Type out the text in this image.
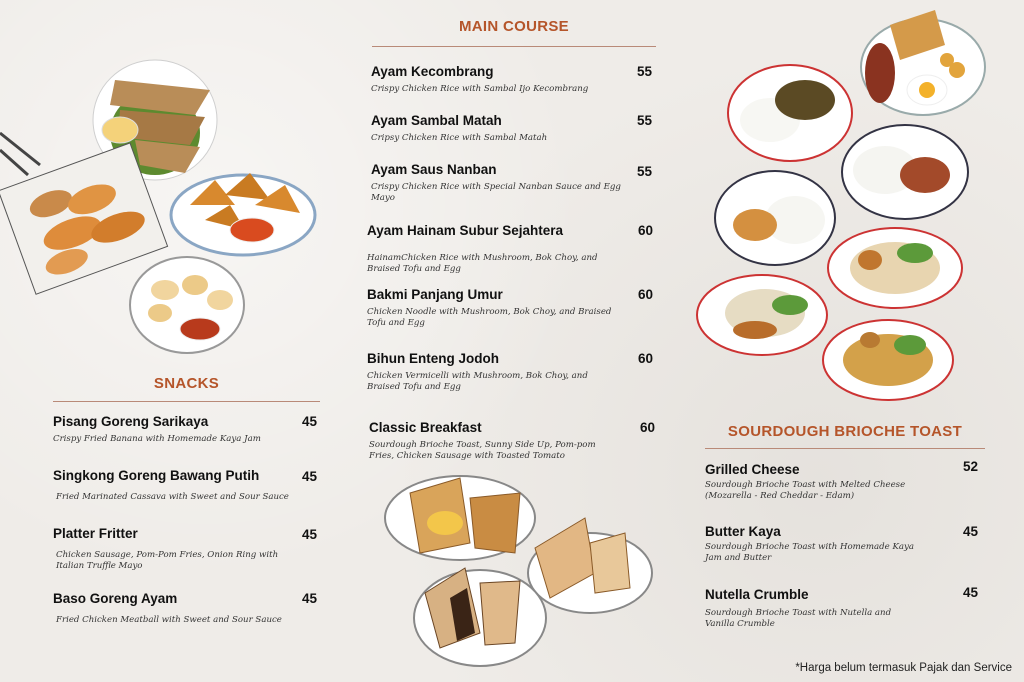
MAIN COURSE
Ayam Kecombrang
Crispy Chicken Rice with Sambal Ijo Kecombrang
55
Ayam Sambal Matah
Cripsy Chicken Rice with Sambal Matah
55
Ayam Saus Nanban
Crispy Chicken Rice with Special Nanban Sauce and Egg Mayo
55
Ayam Hainam Subur Sejahtera
HainamChicken Rice with Mushroom, Bok Choy, and Braised Tofu and Egg
60
Bakmi Panjang Umur
Chicken Noodle with Mushroom, Bok Choy, and Braised Tofu and Egg
60
Bihun Enteng Jodoh
Chicken Vermicelli with Mushroom, Bok Choy, and Braised Tofu and Egg
60
Classic Breakfast
Sourdough Brioche Toast, Sunny Side Up, Pom-pom Fries, Chicken Sausage with Toasted Tomato
60
SNACKS
Pisang Goreng Sarikaya
Crispy Fried Banana with Homemade Kaya Jam
45
Singkong Goreng Bawang Putih
Fried Marinated Cassava with Sweet and Sour Sauce
45
Platter Fritter
Chicken Sausage, Pom-Pom Fries, Onion Ring with Italian Truffle Mayo
45
Baso Goreng Ayam
Fried Chicken Meatball with Sweet and Sour Sauce
45
SOURDOUGH BRIOCHE TOAST
Grilled Cheese
Sourdough Brioche Toast with Melted Cheese (Mozarella - Red Cheddar - Edam)
52
Butter Kaya
Sourdough Brioche Toast with Homemade Kaya Jam and Butter
45
Nutella Crumble
Sourdough Brioche Toast with Nutella and Vanilla Crumble
45
*Harga belum termasuk Pajak dan Service
